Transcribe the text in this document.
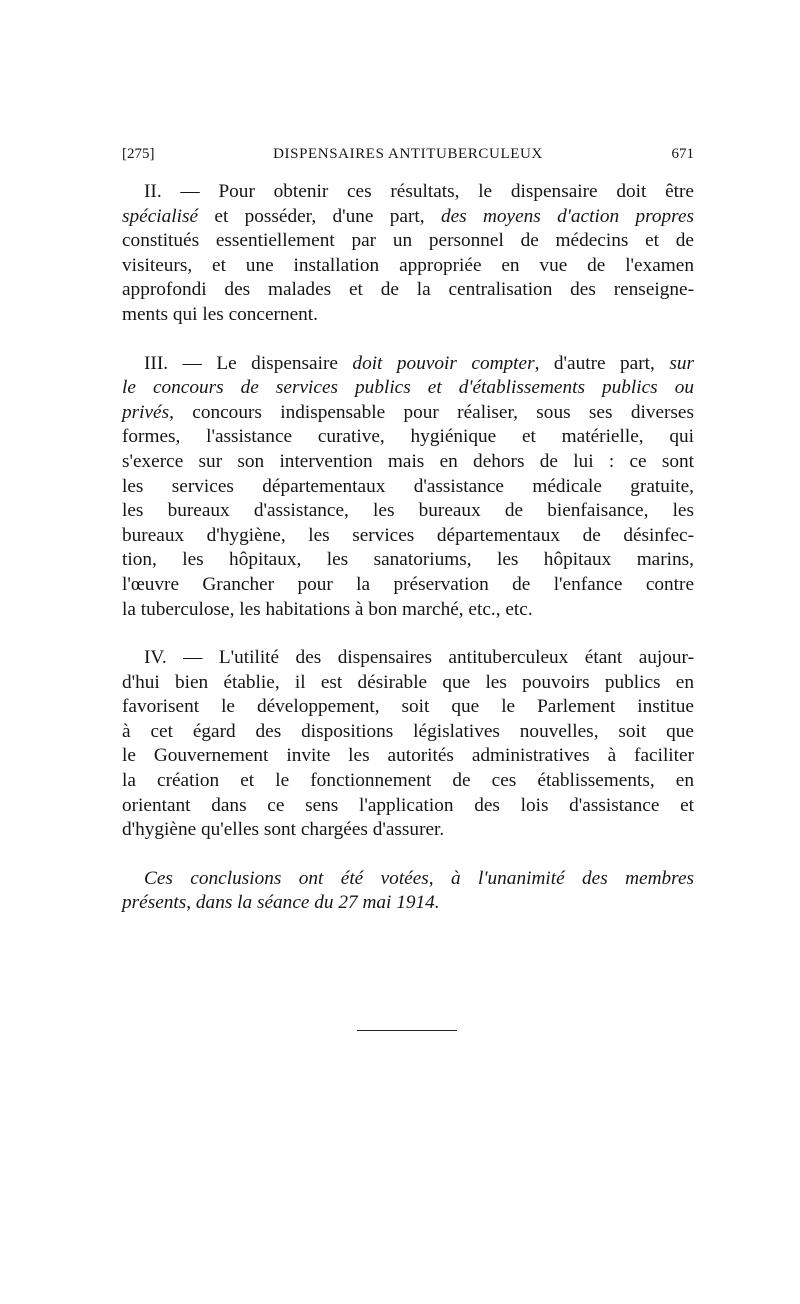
[275]	DISPENSAIRES ANTITUBERCULEUX	671

II. — Pour obtenir ces résultats, le dispensaire doit être

spécialisé et posséder, d'une part, des moyens d'action propres

constitués essentiellement par un personnel de médecins et de

visiteurs, et une installation appropriée en vue de l'examen

approfondi des malades et de la centralisation des renseigne-

ments qui les concernent.

III. — Le dispensaire doit pouvoir compter, d'autre part, sur

le concours de services publics et d'établissements publics ou

privés, concours indispensable pour réaliser, sous ses diverses

formes, l'assistance curative, hygiénique et matérielle, qui

s'exerce sur son intervention mais en dehors de lui : ce sont

les services départementaux d'assistance médicale gratuite,

les bureaux d'assistance, les bureaux de bienfaisance, les

bureaux d'hygiène, les services départementaux de désinfec-

tion, les hôpitaux, les sanatoriums, les hôpitaux marins,

l'œuvre Grancher pour la préservation de l'enfance contre

la tuberculose, les habitations à bon marché, etc., etc.

IV. — L'utilité des dispensaires antituberculeux étant aujour-

d'hui bien établie, il est désirable que les pouvoirs publics en

favorisent le développement, soit que le Parlement institue

à cet égard des dispositions législatives nouvelles, soit que

le Gouvernement invite les autorités administratives à faciliter

la création et le fonctionnement de ces établissements, en

orientant dans ce sens l'application des lois d'assistance et

d'hygiène qu'elles sont chargées d'assurer.

Ces conclusions ont été votées, à l'unanimité des membres

présents, dans la séance du 27 mai 1914.
